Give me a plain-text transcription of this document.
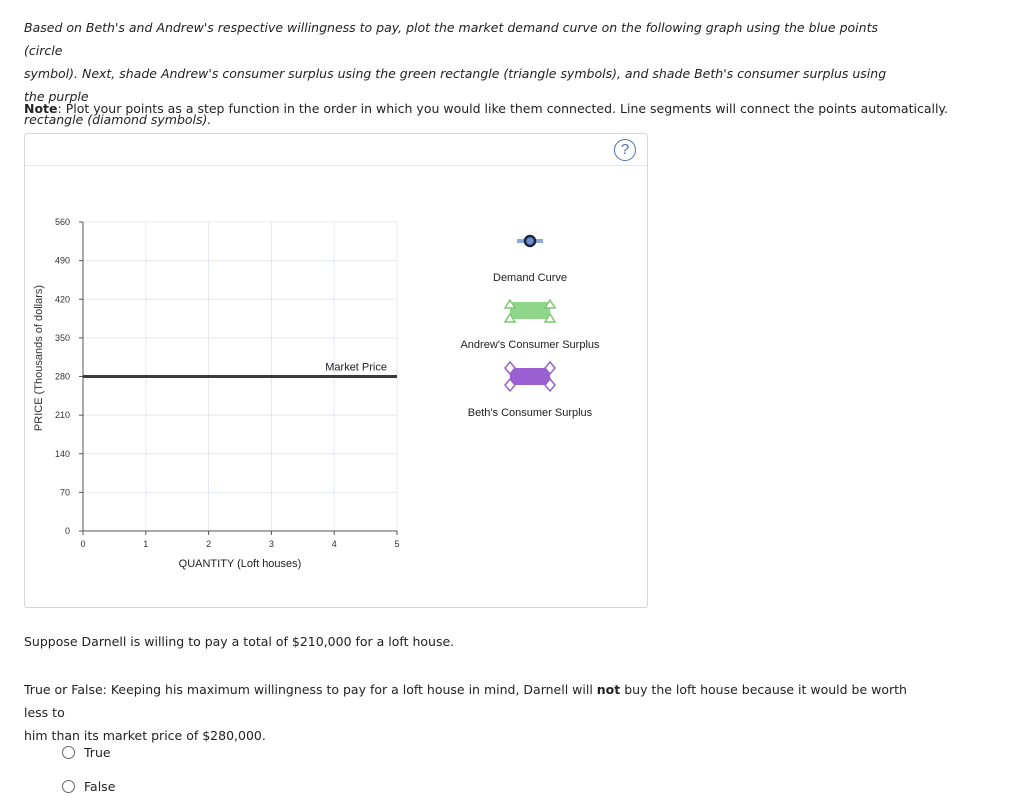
Based on Beth's and Andrew's respective willingness to pay, plot the market demand curve on the following graph using the blue points (circle
symbol). Next, shade Andrew's consumer surplus using the green rectangle (triangle symbols), and shade Beth's consumer surplus using the purple
rectangle (diamond symbols).
Note: Plot your points as a step function in the order in which you would like them connected. Line segments will connect the points automatically.
?
PRICE (Thousands of dollars)
560
490
420
350
280
210
140
70
0
0	1	2	3	4	5
Market Price
QUANTITY (Loft houses)
Demand Curve
Andrew's Consumer Surplus
Beth's Consumer Surplus
Suppose Darnell is willing to pay a total of $210,000 for a loft house.
True or False: Keeping his maximum willingness to pay for a loft house in mind, Darnell will not buy the loft house because it would be worth less to
him than its market price of $280,000.
True
False
